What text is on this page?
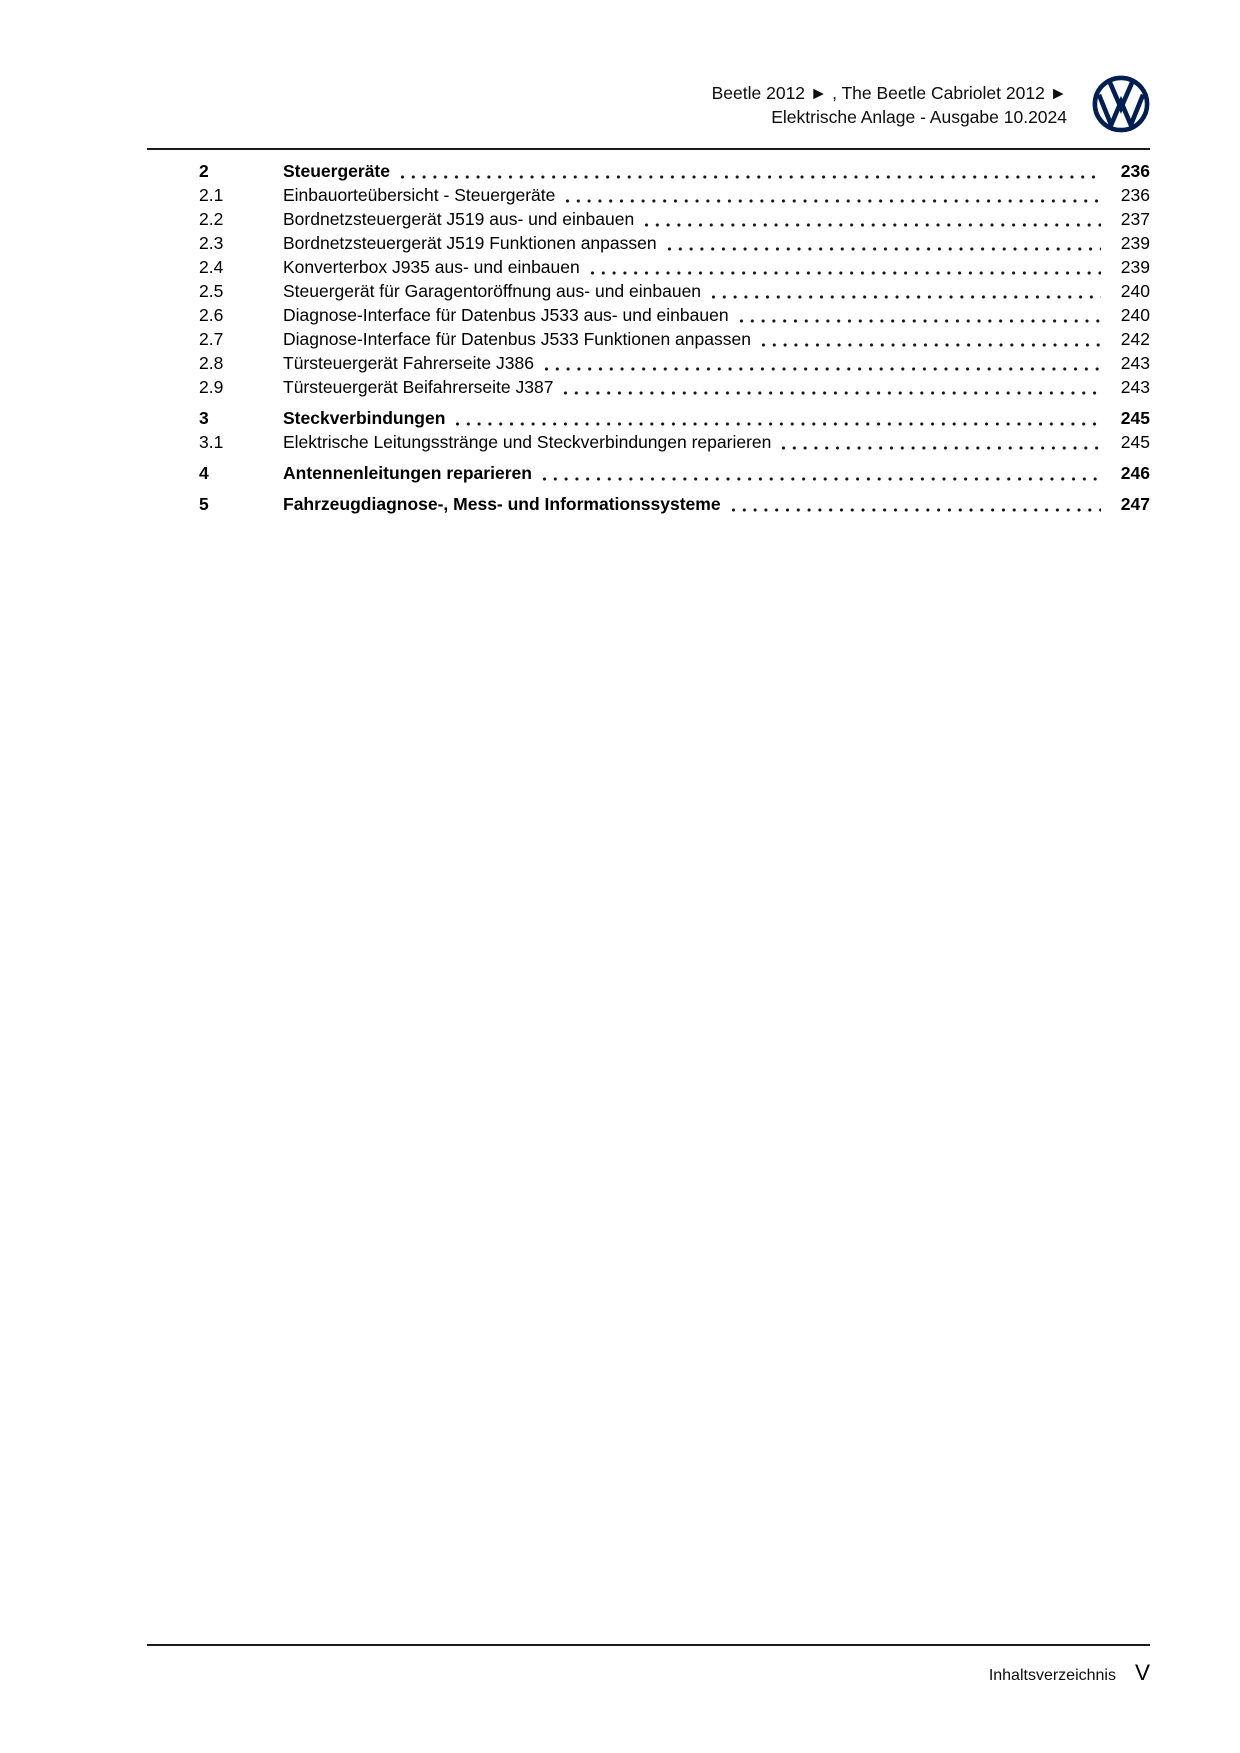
Beetle 2012 ► , The Beetle Cabriolet 2012 ►
Elektrische Anlage - Ausgabe 10.2024
2	Steuergeräte	236
2.1	Einbauorteübersicht - Steuergeräte	236
2.2	Bordnetzsteuergerät J519 aus- und einbauen	237
2.3	Bordnetzsteuergerät J519 Funktionen anpassen	239
2.4	Konverterbox J935 aus- und einbauen	239
2.5	Steuergerät für Garagentoröffnung aus- und einbauen	240
2.6	Diagnose-Interface für Datenbus J533 aus- und einbauen	240
2.7	Diagnose-Interface für Datenbus J533 Funktionen anpassen	242
2.8	Türsteuergerät Fahrerseite J386	243
2.9	Türsteuergerät Beifahrerseite J387	243
3	Steckverbindungen	245
3.1	Elektrische Leitungsstränge und Steckverbindungen reparieren	245
4	Antennenleitungen reparieren	246
5	Fahrzeugdiagnose-, Mess- und Informationssysteme	247
Inhaltsverzeichnis V
